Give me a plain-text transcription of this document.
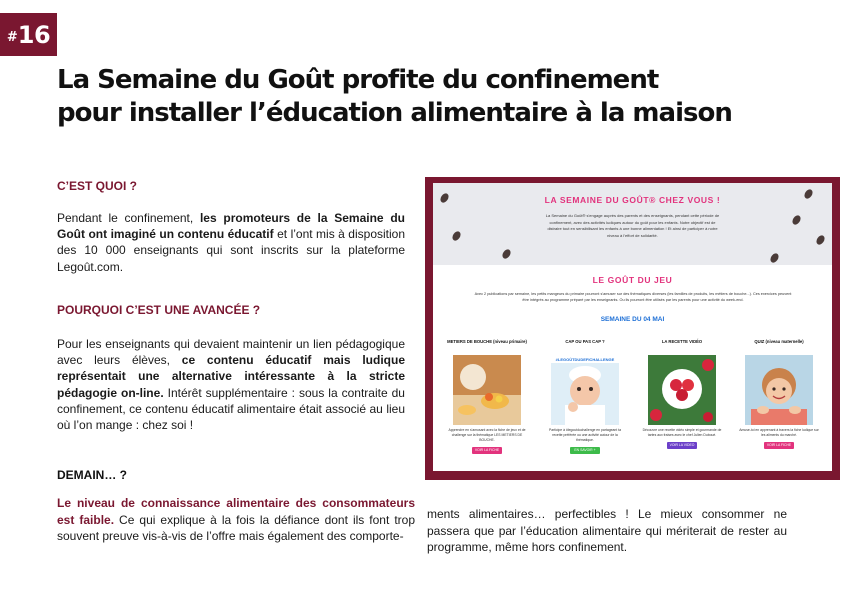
# 16
La Semaine du Goût profite du confinement
pour installer l’éducation alimentaire à la maison
C’EST QUOI ?

Pendant le confinement, les promoteurs de la Semaine du Goût ont imaginé un contenu éducatif et l’ont mis à disposition des 10 000 enseignants qui sont inscrits sur la plateforme Legoût.com.

POURQUOI C’EST UNE AVANCÉE ?

Pour les enseignants qui devaient maintenir un lien pédagogique avec leurs élèves, ce contenu éducatif mais ludique représentait une alternative intéressante à la stricte pédagogie on-line. Intérêt supplémentaire : sous la contraite du confinement, ce contenu éducatif alimentaire était associé au lieu où l’on mange : chez soi !

DEMAIN… ?

Le niveau de connaissance alimentaire des consommateurs est faible. Ce qui explique à la fois la défiance dont ils font trop souvent preuve vis-à-vis de l’offre mais également des comporte-

ments alimentaires… perfectibles ! Le mieux consommer ne passera que par l’éducation alimentaire qui mériterait de rester au programme, même hors confinement.

LA SEMAINE DU GOÛT® CHEZ VOUS !
La Semaine du Goût® s'engage auprès des parents et des enseignants, pendant cette période de confinement, avec des activités ludiques autour du goût pour les enfants. Notre objectif est de distraire tout en sensibilisant les enfants à une bonne alimentation ! Et ainsi de participer à notre niveau à l'effort de solidarité.
LE GOÛT DU JEU
Avec 2 publications par semaine, les petits mangeurs du primaire pourront s'amuser sur des thématiques diverses (les familles de produits, les métiers de bouche...). Ces exercices peuvent être intégrés au programme préparé par les enseignants. Ou ils pourront être utilisés par les parents pour une activité du week-end.
SEMAINE DU 04 MAI
METIERS DE BOUCHE (niveau primaire)
Apprendre en s'amusant avec la fiche de jeux et de challenge sur la thématique LES METIERS DE BOUCHE.
VOIR LA FICHE
CAP OU PAS CAP ?
#LEGOÛTDUDEFICHALLENGE
Participe à #legoutduchallenge en partageant ta recette préférée ou une activité autour de la thématique.
EN SAVOIR +
LA RECETTE VIDÉO
Découvre une recette vidéo simple et gourmande de tartes aux fraises avec le chef Julien Duboué.
VOIR LA VIDEO
QUIZ (niveau maternelle)
Amuse-toi en apprenant à travers la fiche ludique sur les aliments du marché.
VOIR LA FICHE
